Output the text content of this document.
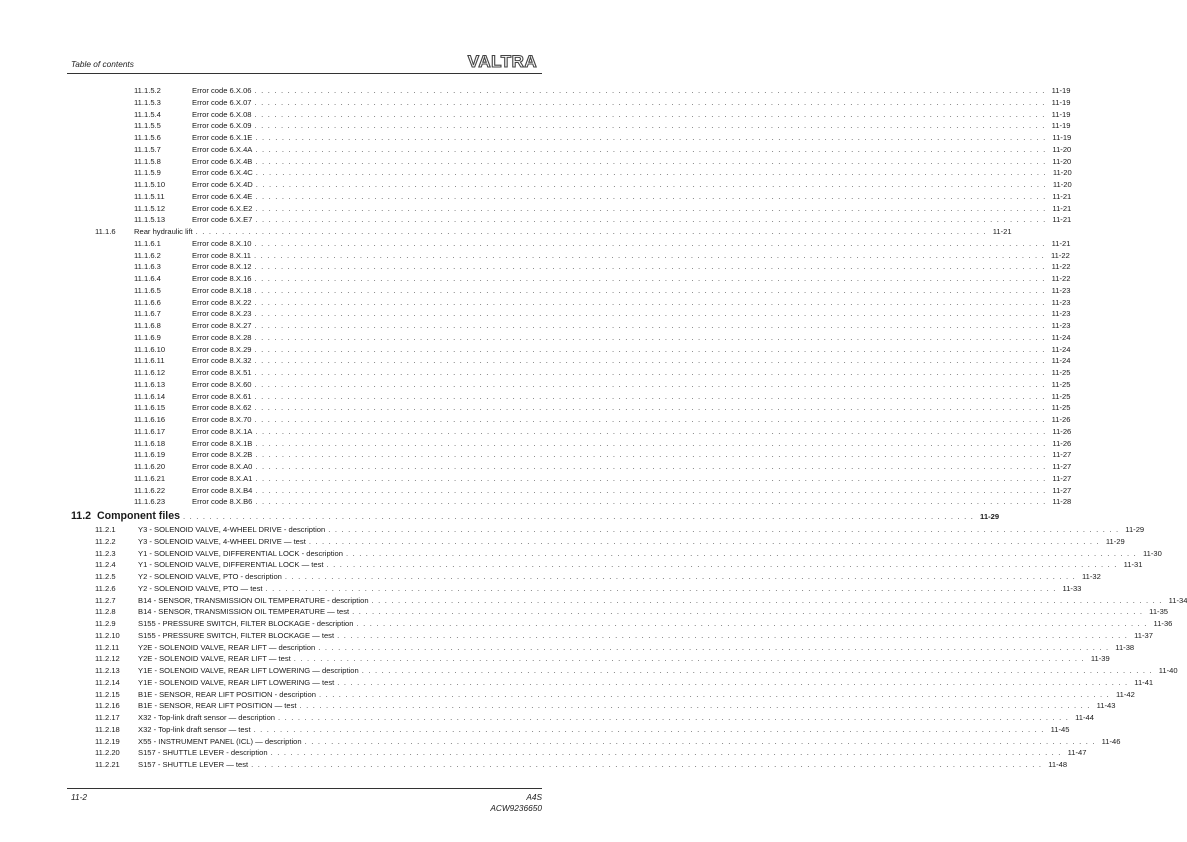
Table of contents	VALTRA
11.1.5.2	Error code 6.X.06 . . . . . . . . . . . . . . . . . . . . . . . . . . . . . . . . . . . . . . . . . . . . . . . . . . . . . . . . . . . . . . . . . . . . . . . . . . . . . . . . . . . . . . . . . . . . . . . . . . . . . . . . . . . . . . . . . . . . . . . . 11-19
11.1.5.3	Error code 6.X.07 . . . . . . . . . . . . . . . . . . . . . . . . . . . . . . . . . . . . . . . . . . . . . . . . . . . . . . . . . . . . . . . . . . . . . . . . . . . . . . . . . . . . . . . . . . . . . . . . . . . . . . . . . . . . . . . . . . . . . . . . 11-19
11.1.5.4	Error code 6.X.08 . . . . . . . . . . . . . . . . . . . . . . . . . . . . . . . . . . . . . . . . . . . . . . . . . . . . . . . . . . . . . . . . . . . . . . . . . . . . . . . . . . . . . . . . . . . . . . . . . . . . . . . . . . . . . . . . . . . . . . . . 11-19
11.1.5.5	Error code 6.X.09 . . . . . . . . . . . . . . . . . . . . . . . . . . . . . . . . . . . . . . . . . . . . . . . . . . . . . . . . . . . . . . . . . . . . . . . . . . . . . . . . . . . . . . . . . . . . . . . . . . . . . . . . . . . . . . . . . . . . . . . . 11-19
11.1.5.6	Error code 6.X.1E . . . . . . . . . . . . . . . . . . . . . . . . . . . . . . . . . . . . . . . . . . . . . . . . . . . . . . . . . . . . . . . . . . . . . . . . . . . . . . . . . . . . . . . . . . . . . . . . . . . . . . . . . . . . . . . . . . . . . . . . 11-19
11.1.5.7	Error code 6.X.4A . . . . . . . . . . . . . . . . . . . . . . . . . . . . . . . . . . . . . . . . . . . . . . . . . . . . . . . . . . . . . . . . . . . . . . . . . . . . . . . . . . . . . . . . . . . . . . . . . . . . . . . . . . . . . . . . . . . . . . . . 11-20
11.1.5.8	Error code 6.X.4B . . . . . . . . . . . . . . . . . . . . . . . . . . . . . . . . . . . . . . . . . . . . . . . . . . . . . . . . . . . . . . . . . . . . . . . . . . . . . . . . . . . . . . . . . . . . . . . . . . . . . . . . . . . . . . . . . . . . . . . . 11-20
11.1.5.9	Error code 6.X.4C . . . . . . . . . . . . . . . . . . . . . . . . . . . . . . . . . . . . . . . . . . . . . . . . . . . . . . . . . . . . . . . . . . . . . . . . . . . . . . . . . . . . . . . . . . . . . . . . . . . . . . . . . . . . . . . . . . . . . . . . 11-20
11.1.5.10	Error code 6.X.4D . . . . . . . . . . . . . . . . . . . . . . . . . . . . . . . . . . . . . . . . . . . . . . . . . . . . . . . . . . . . . . . . . . . . . . . . . . . . . . . . . . . . . . . . . . . . . . . . . . . . . . . . . . . . . . . . . . . . . . . . 11-20
11.1.5.11	Error code 6.X.4E . . . . . . . . . . . . . . . . . . . . . . . . . . . . . . . . . . . . . . . . . . . . . . . . . . . . . . . . . . . . . . . . . . . . . . . . . . . . . . . . . . . . . . . . . . . . . . . . . . . . . . . . . . . . . . . . . . . . . . . . 11-21
11.1.5.12	Error code 6.X.E2 . . . . . . . . . . . . . . . . . . . . . . . . . . . . . . . . . . . . . . . . . . . . . . . . . . . . . . . . . . . . . . . . . . . . . . . . . . . . . . . . . . . . . . . . . . . . . . . . . . . . . . . . . . . . . . . . . . . . . . . . 11-21
11.1.5.13	Error code 6.X.E7 . . . . . . . . . . . . . . . . . . . . . . . . . . . . . . . . . . . . . . . . . . . . . . . . . . . . . . . . . . . . . . . . . . . . . . . . . . . . . . . . . . . . . . . . . . . . . . . . . . . . . . . . . . . . . . . . . . . . . . . . 11-21
11.1.6 Rear hydraulic lift . . . . . . . . . . . . . . . . . . . . . . . . . . . . . . . . . . . . . . . . . . . . . . . . . . . . . . . . . . . . . . . . . . . . . . . . . . . . . . . . . . . . . . . . . . . . . . . . . . . . . . . . . . . . . . . . . . . . . . . . 11-21
11.1.6.1	Error code 8.X.10 . . . . . . . . . . . . . . . . . . . . . . . . . . . . . . . . . . . . . . . . . . . . . . . . . . . . . . . . . . . . . . . . . . . . . . . . . . . . . . . . . . . . . . . . . . . . . . . . . . . . . . . . . . . . . . . . . . . . . . . . 11-21
11.1.6.2	Error code 8.X.11 . . . . . . . . . . . . . . . . . . . . . . . . . . . . . . . . . . . . . . . . . . . . . . . . . . . . . . . . . . . . . . . . . . . . . . . . . . . . . . . . . . . . . . . . . . . . . . . . . . . . . . . . . . . . . . . . . . . . . . . . 11-22
11.1.6.3	Error code 8.X.12 . . . . . . . . . . . . . . . . . . . . . . . . . . . . . . . . . . . . . . . . . . . . . . . . . . . . . . . . . . . . . . . . . . . . . . . . . . . . . . . . . . . . . . . . . . . . . . . . . . . . . . . . . . . . . . . . . . . . . . . . 11-22
11.1.6.4	Error code 8.X.16 . . . . . . . . . . . . . . . . . . . . . . . . . . . . . . . . . . . . . . . . . . . . . . . . . . . . . . . . . . . . . . . . . . . . . . . . . . . . . . . . . . . . . . . . . . . . . . . . . . . . . . . . . . . . . . . . . . . . . . . . 11-22
11.1.6.5	Error code 8.X.18 . . . . . . . . . . . . . . . . . . . . . . . . . . . . . . . . . . . . . . . . . . . . . . . . . . . . . . . . . . . . . . . . . . . . . . . . . . . . . . . . . . . . . . . . . . . . . . . . . . . . . . . . . . . . . . . . . . . . . . . . 11-23
11.1.6.6	Error code 8.X.22 . . . . . . . . . . . . . . . . . . . . . . . . . . . . . . . . . . . . . . . . . . . . . . . . . . . . . . . . . . . . . . . . . . . . . . . . . . . . . . . . . . . . . . . . . . . . . . . . . . . . . . . . . . . . . . . . . . . . . . . . 11-23
11.1.6.7	Error code 8.X.23 . . . . . . . . . . . . . . . . . . . . . . . . . . . . . . . . . . . . . . . . . . . . . . . . . . . . . . . . . . . . . . . . . . . . . . . . . . . . . . . . . . . . . . . . . . . . . . . . . . . . . . . . . . . . . . . . . . . . . . . . 11-23
11.1.6.8	Error code 8.X.27 . . . . . . . . . . . . . . . . . . . . . . . . . . . . . . . . . . . . . . . . . . . . . . . . . . . . . . . . . . . . . . . . . . . . . . . . . . . . . . . . . . . . . . . . . . . . . . . . . . . . . . . . . . . . . . . . . . . . . . . . 11-23
11.1.6.9	Error code 8.X.28 . . . . . . . . . . . . . . . . . . . . . . . . . . . . . . . . . . . . . . . . . . . . . . . . . . . . . . . . . . . . . . . . . . . . . . . . . . . . . . . . . . . . . . . . . . . . . . . . . . . . . . . . . . . . . . . . . . . . . . . . 11-24
11.1.6.10	Error code 8.X.29 . . . . . . . . . . . . . . . . . . . . . . . . . . . . . . . . . . . . . . . . . . . . . . . . . . . . . . . . . . . . . . . . . . . . . . . . . . . . . . . . . . . . . . . . . . . . . . . . . . . . . . . . . . . . . . . . . . . . . . . . 11-24
11.1.6.11	Error code 8.X.32 . . . . . . . . . . . . . . . . . . . . . . . . . . . . . . . . . . . . . . . . . . . . . . . . . . . . . . . . . . . . . . . . . . . . . . . . . . . . . . . . . . . . . . . . . . . . . . . . . . . . . . . . . . . . . . . . . . . . . . . . 11-24
11.1.6.12	Error code 8.X.51 . . . . . . . . . . . . . . . . . . . . . . . . . . . . . . . . . . . . . . . . . . . . . . . . . . . . . . . . . . . . . . . . . . . . . . . . . . . . . . . . . . . . . . . . . . . . . . . . . . . . . . . . . . . . . . . . . . . . . . . . 11-25
11.1.6.13	Error code 8.X.60 . . . . . . . . . . . . . . . . . . . . . . . . . . . . . . . . . . . . . . . . . . . . . . . . . . . . . . . . . . . . . . . . . . . . . . . . . . . . . . . . . . . . . . . . . . . . . . . . . . . . . . . . . . . . . . . . . . . . . . . . 11-25
11.1.6.14	Error code 8.X.61 . . . . . . . . . . . . . . . . . . . . . . . . . . . . . . . . . . . . . . . . . . . . . . . . . . . . . . . . . . . . . . . . . . . . . . . . . . . . . . . . . . . . . . . . . . . . . . . . . . . . . . . . . . . . . . . . . . . . . . . . 11-25
11.1.6.15	Error code 8.X.62 . . . . . . . . . . . . . . . . . . . . . . . . . . . . . . . . . . . . . . . . . . . . . . . . . . . . . . . . . . . . . . . . . . . . . . . . . . . . . . . . . . . . . . . . . . . . . . . . . . . . . . . . . . . . . . . . . . . . . . . . 11-25
11.1.6.16	Error code 8.X.70 . . . . . . . . . . . . . . . . . . . . . . . . . . . . . . . . . . . . . . . . . . . . . . . . . . . . . . . . . . . . . . . . . . . . . . . . . . . . . . . . . . . . . . . . . . . . . . . . . . . . . . . . . . . . . . . . . . . . . . . . 11-26
11.1.6.17	Error code 8.X.1A . . . . . . . . . . . . . . . . . . . . . . . . . . . . . . . . . . . . . . . . . . . . . . . . . . . . . . . . . . . . . . . . . . . . . . . . . . . . . . . . . . . . . . . . . . . . . . . . . . . . . . . . . . . . . . . . . . . . . . . . 11-26
11.1.6.18	Error code 8.X.1B . . . . . . . . . . . . . . . . . . . . . . . . . . . . . . . . . . . . . . . . . . . . . . . . . . . . . . . . . . . . . . . . . . . . . . . . . . . . . . . . . . . . . . . . . . . . . . . . . . . . . . . . . . . . . . . . . . . . . . . . 11-26
11.1.6.19	Error code 8.X.2B . . . . . . . . . . . . . . . . . . . . . . . . . . . . . . . . . . . . . . . . . . . . . . . . . . . . . . . . . . . . . . . . . . . . . . . . . . . . . . . . . . . . . . . . . . . . . . . . . . . . . . . . . . . . . . . . . . . . . . . . 11-27
11.1.6.20	Error code 8.X.A0 . . . . . . . . . . . . . . . . . . . . . . . . . . . . . . . . . . . . . . . . . . . . . . . . . . . . . . . . . . . . . . . . . . . . . . . . . . . . . . . . . . . . . . . . . . . . . . . . . . . . . . . . . . . . . . . . . . . . . . . . 11-27
11.1.6.21	Error code 8.X.A1 . . . . . . . . . . . . . . . . . . . . . . . . . . . . . . . . . . . . . . . . . . . . . . . . . . . . . . . . . . . . . . . . . . . . . . . . . . . . . . . . . . . . . . . . . . . . . . . . . . . . . . . . . . . . . . . . . . . . . . . . 11-27
11.1.6.22	Error code 8.X.B4 . . . . . . . . . . . . . . . . . . . . . . . . . . . . . . . . . . . . . . . . . . . . . . . . . . . . . . . . . . . . . . . . . . . . . . . . . . . . . . . . . . . . . . . . . . . . . . . . . . . . . . . . . . . . . . . . . . . . . . . . 11-27
11.1.6.23	Error code 8.X.B6 . . . . . . . . . . . . . . . . . . . . . . . . . . . . . . . . . . . . . . . . . . . . . . . . . . . . . . . . . . . . . . . . . . . . . . . . . . . . . . . . . . . . . . . . . . . . . . . . . . . . . . . . . . . . . . . . . . . . . . . . 11-28
11.2 Component files . . . . . . . . . . . . . . . . . . . . . . . . . . . . . . . . . . . . . . . . . . . . . . . . . . . . . . . . . . . . . . . . . . . . . . . . . . . . . . . . . . . . . . . . . . . . . . . . . . . . . . . . . . . . . . . . . . . . . . . . 11-29
11.2.1	Y3 - SOLENOID VALVE, 4-WHEEL DRIVE - description . . . . . . . . . . . . . . . . . . . . . . . . . . . . . . . . . . . . . . . . . . . . . . . . . . . . . . . . . . . . . . . . . . . . . . . . . . . . . . . . . . . . . . . . . . . . . . . . . . . . . . . . . . . . . . . . . . . . . . . . 11-29
11.2.2	Y3 - SOLENOID VALVE, 4-WHEEL DRIVE — test . . . . . . . . . . . . . . . . . . . . . . . . . . . . . . . . . . . . . . . . . . . . . . . . . . . . . . . . . . . . . . . . . . . . . . . . . . . . . . . . . . . . . . . . . . . . . . . . . . . . . . . . . . . . . . . . . . . . . . . . 11-29
11.2.3	Y1 - SOLENOID VALVE, DIFFERENTIAL LOCK - description . . . . . . . . . . . . . . . . . . . . . . . . . . . . . . . . . . . . . . . . . . . . . . . . . . . . . . . . . . . . . . . . . . . . . . . . . . . . . . . . . . . . . . . . . . . . . . . . . . . . . . . . . . . . . . . . . . . . . . . . 11-30
11.2.4	Y1 - SOLENOID VALVE, DIFFERENTIAL LOCK — test . . . . . . . . . . . . . . . . . . . . . . . . . . . . . . . . . . . . . . . . . . . . . . . . . . . . . . . . . . . . . . . . . . . . . . . . . . . . . . . . . . . . . . . . . . . . . . . . . . . . . . . . . . . . . . . . . . . . . . . . 11-31
11.2.5	Y2 - SOLENOID VALVE, PTO - description . . . . . . . . . . . . . . . . . . . . . . . . . . . . . . . . . . . . . . . . . . . . . . . . . . . . . . . . . . . . . . . . . . . . . . . . . . . . . . . . . . . . . . . . . . . . . . . . . . . . . . . . . . . . . . . . . . . . . . . . 11-32
11.2.6	Y2 - SOLENOID VALVE, PTO — test . . . . . . . . . . . . . . . . . . . . . . . . . . . . . . . . . . . . . . . . . . . . . . . . . . . . . . . . . . . . . . . . . . . . . . . . . . . . . . . . . . . . . . . . . . . . . . . . . . . . . . . . . . . . . . . . . . . . . . . . 11-33
11.2.7	B14 - SENSOR, TRANSMISSION OIL TEMPERATURE - description . . . . . . . . . . . . . . . . . . . . . . . . . . . . . . . . . . . . . . . . . . . . . . . . . . . . . . . . . . . . . . . . . . . . . . . . . . . . . . . . . . . . . . . . . . . . . . . . . . . . . . . . . . . . . . . . . . . . . . . . 11-34
11.2.8	B14 - SENSOR, TRANSMISSION OIL TEMPERATURE — test . . . . . . . . . . . . . . . . . . . . . . . . . . . . . . . . . . . . . . . . . . . . . . . . . . . . . . . . . . . . . . . . . . . . . . . . . . . . . . . . . . . . . . . . . . . . . . . . . . . . . . . . . . . . . . . . . . . . . . . . 11-35
11.2.9	S155 - PRESSURE SWITCH, FILTER BLOCKAGE - description . . . . . . . . . . . . . . . . . . . . . . . . . . . . . . . . . . . . . . . . . . . . . . . . . . . . . . . . . . . . . . . . . . . . . . . . . . . . . . . . . . . . . . . . . . . . . . . . . . . . . . . . . . . . . . . . . . . . . . . . 11-36
11.2.10 S155 - PRESSURE SWITCH, FILTER BLOCKAGE — test . . . . . . . . . . . . . . . . . . . . . . . . . . . . . . . . . . . . . . . . . . . . . . . . . . . . . . . . . . . . . . . . . . . . . . . . . . . . . . . . . . . . . . . . . . . . . . . . . . . . . . . . . . . . . . . . . . . . . . . . 11-37
11.2.11 Y2E - SOLENOID VALVE, REAR LIFT — description . . . . . . . . . . . . . . . . . . . . . . . . . . . . . . . . . . . . . . . . . . . . . . . . . . . . . . . . . . . . . . . . . . . . . . . . . . . . . . . . . . . . . . . . . . . . . . . . . . . . . . . . . . . . . . . . . . . . . . . . 11-38
11.2.12 Y2E - SOLENOID VALVE, REAR LIFT — test . . . . . . . . . . . . . . . . . . . . . . . . . . . . . . . . . . . . . . . . . . . . . . . . . . . . . . . . . . . . . . . . . . . . . . . . . . . . . . . . . . . . . . . . . . . . . . . . . . . . . . . . . . . . . . . . . . . . . . . . 11-39
11.2.13 Y1E - SOLENOID VALVE, REAR LIFT LOWERING — description . . . . . . . . . . . . . . . . . . . . . . . . . . . . . . . . . . . . . . . . . . . . . . . . . . . . . . . . . . . . . . . . . . . . . . . . . . . . . . . . . . . . . . . . . . . . . . . . . . . . . . . . . . . . . . . . . . . . . . . . 11-40
11.2.14 Y1E - SOLENOID VALVE, REAR LIFT LOWERING — test . . . . . . . . . . . . . . . . . . . . . . . . . . . . . . . . . . . . . . . . . . . . . . . . . . . . . . . . . . . . . . . . . . . . . . . . . . . . . . . . . . . . . . . . . . . . . . . . . . . . . . . . . . . . . . . . . . . . . . . . 11-41
11.2.15 B1E - SENSOR, REAR LIFT POSITION - description . . . . . . . . . . . . . . . . . . . . . . . . . . . . . . . . . . . . . . . . . . . . . . . . . . . . . . . . . . . . . . . . . . . . . . . . . . . . . . . . . . . . . . . . . . . . . . . . . . . . . . . . . . . . . . . . . . . . . . . . 11-42
11.2.16 B1E - SENSOR, REAR LIFT POSITION — test . . . . . . . . . . . . . . . . . . . . . . . . . . . . . . . . . . . . . . . . . . . . . . . . . . . . . . . . . . . . . . . . . . . . . . . . . . . . . . . . . . . . . . . . . . . . . . . . . . . . . . . . . . . . . . . . . . . . . . . . 11-43
11.2.17 X32 - Top-link draft sensor — description . . . . . . . . . . . . . . . . . . . . . . . . . . . . . . . . . . . . . . . . . . . . . . . . . . . . . . . . . . . . . . . . . . . . . . . . . . . . . . . . . . . . . . . . . . . . . . . . . . . . . . . . . . . . . . . . . . . . . . . . 11-44
11.2.18 X32 - Top-link draft sensor — test . . . . . . . . . . . . . . . . . . . . . . . . . . . . . . . . . . . . . . . . . . . . . . . . . . . . . . . . . . . . . . . . . . . . . . . . . . . . . . . . . . . . . . . . . . . . . . . . . . . . . . . . . . . . . . . . . . . . . . . . 11-45
11.2.19 X55 - INSTRUMENT PANEL (ICL) — description . . . . . . . . . . . . . . . . . . . . . . . . . . . . . . . . . . . . . . . . . . . . . . . . . . . . . . . . . . . . . . . . . . . . . . . . . . . . . . . . . . . . . . . . . . . . . . . . . . . . . . . . . . . . . . . . . . . . . . . . 11-46
11.2.20 S157 - SHUTTLE LEVER - description . . . . . . . . . . . . . . . . . . . . . . . . . . . . . . . . . . . . . . . . . . . . . . . . . . . . . . . . . . . . . . . . . . . . . . . . . . . . . . . . . . . . . . . . . . . . . . . . . . . . . . . . . . . . . . . . . . . . . . . . 11-47
11.2.21 S157 - SHUTTLE LEVER — test . . . . . . . . . . . . . . . . . . . . . . . . . . . . . . . . . . . . . . . . . . . . . . . . . . . . . . . . . . . . . . . . . . . . . . . . . . . . . . . . . . . . . . . . . . . . . . . . . . . . . . . . . . . . . . . . . . . . . . . . 11-48
11-2	A4S
ACW9236650
